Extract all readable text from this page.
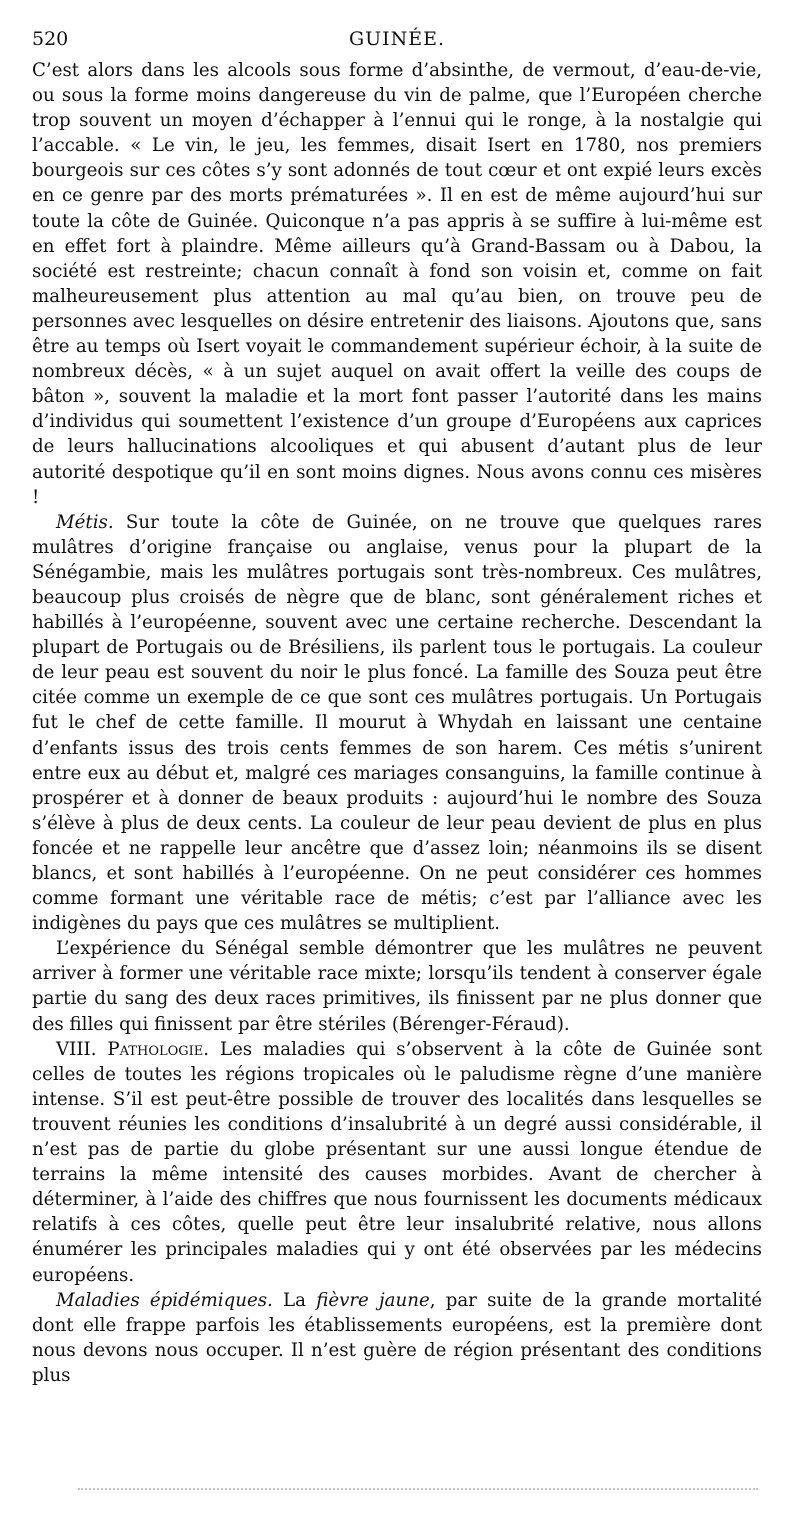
520	GUINÉE.

C’est alors dans les alcools sous forme d’absinthe, de vermout, d’eau-de-vie, ou sous la forme moins dangereuse du vin de palme, que l’Européen cherche trop souvent un moyen d’échapper à l’ennui qui le ronge, à la nostalgie qui l’accable. « Le vin, le jeu, les femmes, disait Isert en 1780, nos premiers bourgeois sur ces côtes s’y sont adonnés de tout cœur et ont expié leurs excès en ce genre par des morts prématurées ». Il en est de même aujourd’hui sur toute la côte de Guinée. Quiconque n’a pas appris à se suffire à lui-même est en effet fort à plaindre. Même ailleurs qu’à Grand-Bassam ou à Dabou, la société est restreinte; chacun connaît à fond son voisin et, comme on fait malheureusement plus attention au mal qu’au bien, on trouve peu de personnes avec lesquelles on désire entretenir des liaisons. Ajoutons que, sans être au temps où Isert voyait le commandement supérieur échoir, à la suite de nombreux décès, « à un sujet auquel on avait offert la veille des coups de bâton », souvent la maladie et la mort font passer l’autorité dans les mains d’individus qui soumettent l’existence d’un groupe d’Européens aux caprices de leurs hallucinations alcooliques et qui abusent d’autant plus de leur autorité despotique qu’il en sont moins dignes. Nous avons connu ces misères !

Métis. Sur toute la côte de Guinée, on ne trouve que quelques rares mulâtres d’origine française ou anglaise, venus pour la plupart de la Sénégambie, mais les mulâtres portugais sont très-nombreux. Ces mulâtres, beaucoup plus croisés de nègre que de blanc, sont généralement riches et habillés à l’européenne, souvent avec une certaine recherche. Descendant la plupart de Portugais ou de Brésiliens, ils parlent tous le portugais. La couleur de leur peau est souvent du noir le plus foncé. La famille des Souza peut être citée comme un exemple de ce que sont ces mulâtres portugais. Un Portugais fut le chef de cette famille. Il mourut à Whydah en laissant une centaine d’enfants issus des trois cents femmes de son harem. Ces métis s’unirent entre eux au début et, malgré ces mariages consanguins, la famille continue à prospérer et à donner de beaux produits : aujourd’hui le nombre des Souza s’élève à plus de deux cents. La couleur de leur peau devient de plus en plus foncée et ne rappelle leur ancêtre que d’assez loin; néanmoins ils se disent blancs, et sont habillés à l’européenne. On ne peut considérer ces hommes comme formant une véritable race de métis; c’est par l’alliance avec les indigènes du pays que ces mulâtres se multiplient.

L’expérience du Sénégal semble démontrer que les mulâtres ne peuvent arriver à former une véritable race mixte; lorsqu’ils tendent à conserver égale partie du sang des deux races primitives, ils finissent par ne plus donner que des filles qui finissent par être stériles (Bérenger-Féraud).

VIII. Pathologie. Les maladies qui s’observent à la côte de Guinée sont celles de toutes les régions tropicales où le paludisme règne d’une manière intense. S’il est peut-être possible de trouver des localités dans lesquelles se trouvent réunies les conditions d’insalubrité à un degré aussi considérable, il n’est pas de partie du globe présentant sur une aussi longue étendue de terrains la même intensité des causes morbides. Avant de chercher à déterminer, à l’aide des chiffres que nous fournissent les documents médicaux relatifs à ces côtes, quelle peut être leur insalubrité relative, nous allons énumérer les principales maladies qui y ont été observées par les médecins européens.

Maladies épidémiques. La fièvre jaune, par suite de la grande mortalité dont elle frappe parfois les établissements européens, est la première dont nous devons nous occuper. Il n’est guère de région présentant des conditions plus
